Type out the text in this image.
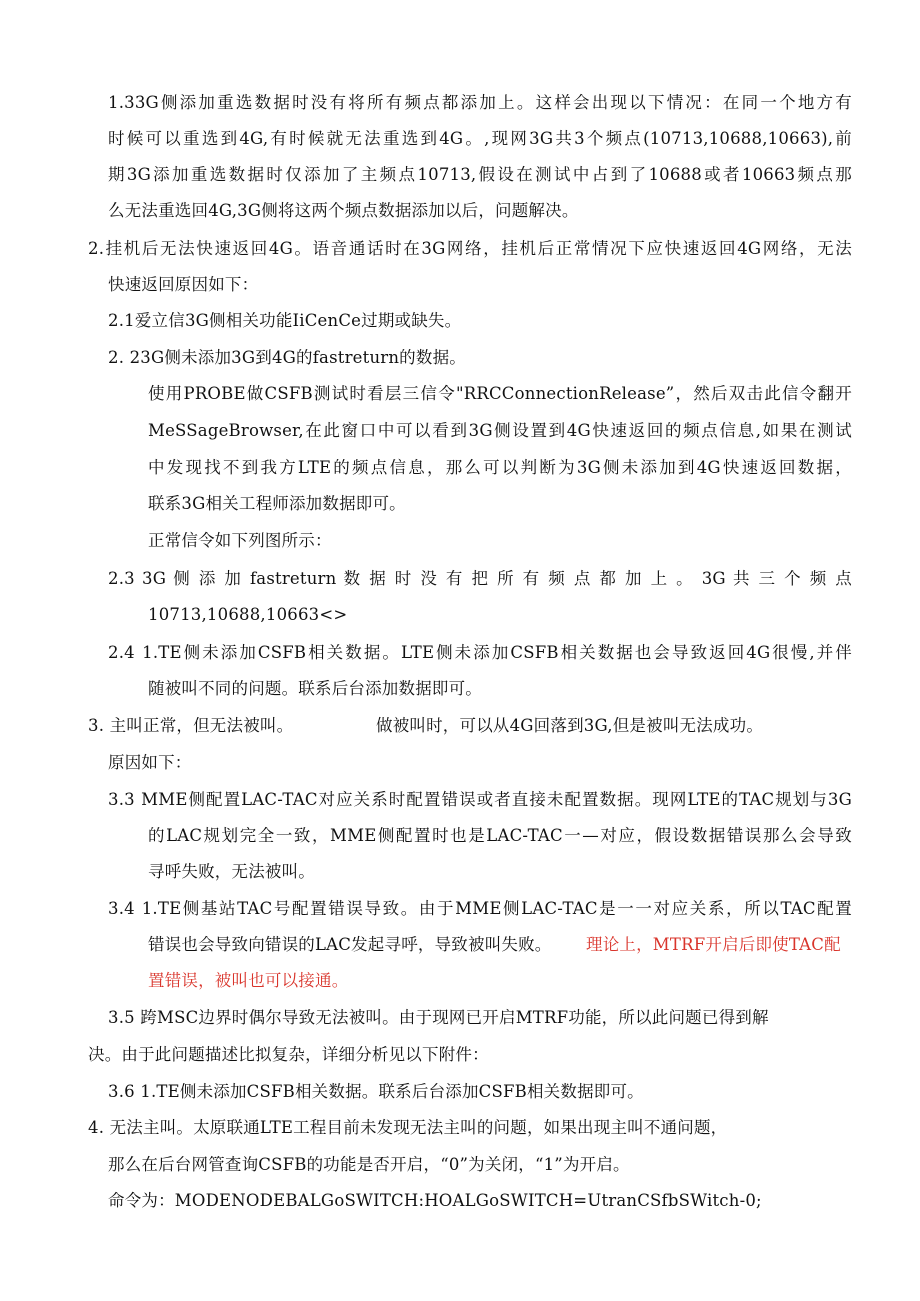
1.33G侧添加重选数据时没有将所有频点都添加上。这样会出现以下情况：在同一个地方有
时候可以重选到4G,有时候就无法重选到4G。,现网3G共3个频点(10713,10688,10663),前
期3G添加重选数据时仅添加了主频点10713,假设在测试中占到了10688或者10663频点那
么无法重选回4G,3G侧将这两个频点数据添加以后，问题解决。
2.挂机后无法快速返回4G。语音通话时在3G网络，挂机后正常情况下应快速返回4G网络，无法
快速返回原因如下：
2.1爱立信3G侧相关功能IiCenCe过期或缺失。
2. 23G侧未添加3G到4G的fastreturn的数据。
使用PROBE做CSFB测试时看层三信令"RRCConnectionRelease”，然后双击此信令翻开
MeSSageBrowser,在此窗口中可以看到3G侧设置到4G快速返回的频点信息,如果在测试
中发现找不到我方LTE的频点信息，那么可以判断为3G侧未添加到4G快速返回数据，
联系3G相关工程师添加数据即可。
正常信令如下列图所示：
2.3 3G 侧 添 加 fastreturn 数 据 时 没 有 把 所 有 频 点 都 加 上 。 3G 共 三 个 频 点
10713,10688,10663<>
2.4 1.TE侧未添加CSFB相关数据。LTE侧未添加CSFB相关数据也会导致返回4G很慢,并伴
随被叫不同的问题。联系后台添加数据即可。
3. 主叫正常，但无法被叫。	做被叫时，可以从4G回落到3G,但是被叫无法成功。
原因如下：
3.3 MME侧配置LAC-TAC对应关系时配置错误或者直接未配置数据。现网LTE的TAC规划与3G
的LAC规划完全一致，MME侧配置时也是LAC-TAC一—对应，假设数据错误那么会导致
寻呼失败，无法被叫。
3.4 1.TE侧基站TAC号配置错误导致。由于MME侧LAC-TAC是一一对应关系，所以TAC配置
错误也会导致向错误的LAC发起寻呼，导致被叫失败。 理论上，MTRF开启后即使TAC配
置错误，被叫也可以接通。
3.5 跨MSC边界时偶尔导致无法被叫。由于现网已开启MTRF功能，所以此问题已得到解
决。由于此问题描述比拟复杂，详细分析见以下附件：
3.6 1.TE侧未添加CSFB相关数据。联系后台添加CSFB相关数据即可。
4. 无法主叫。太原联通LTE工程目前未发现无法主叫的问题，如果出现主叫不通问题，
那么在后台网管查询CSFB的功能是否开启，“0”为关闭，“1”为开启。
命令为：MODENODEBALGoSWITCH:HOALGoSWITCH=UtranCSfbSWitch-0;
